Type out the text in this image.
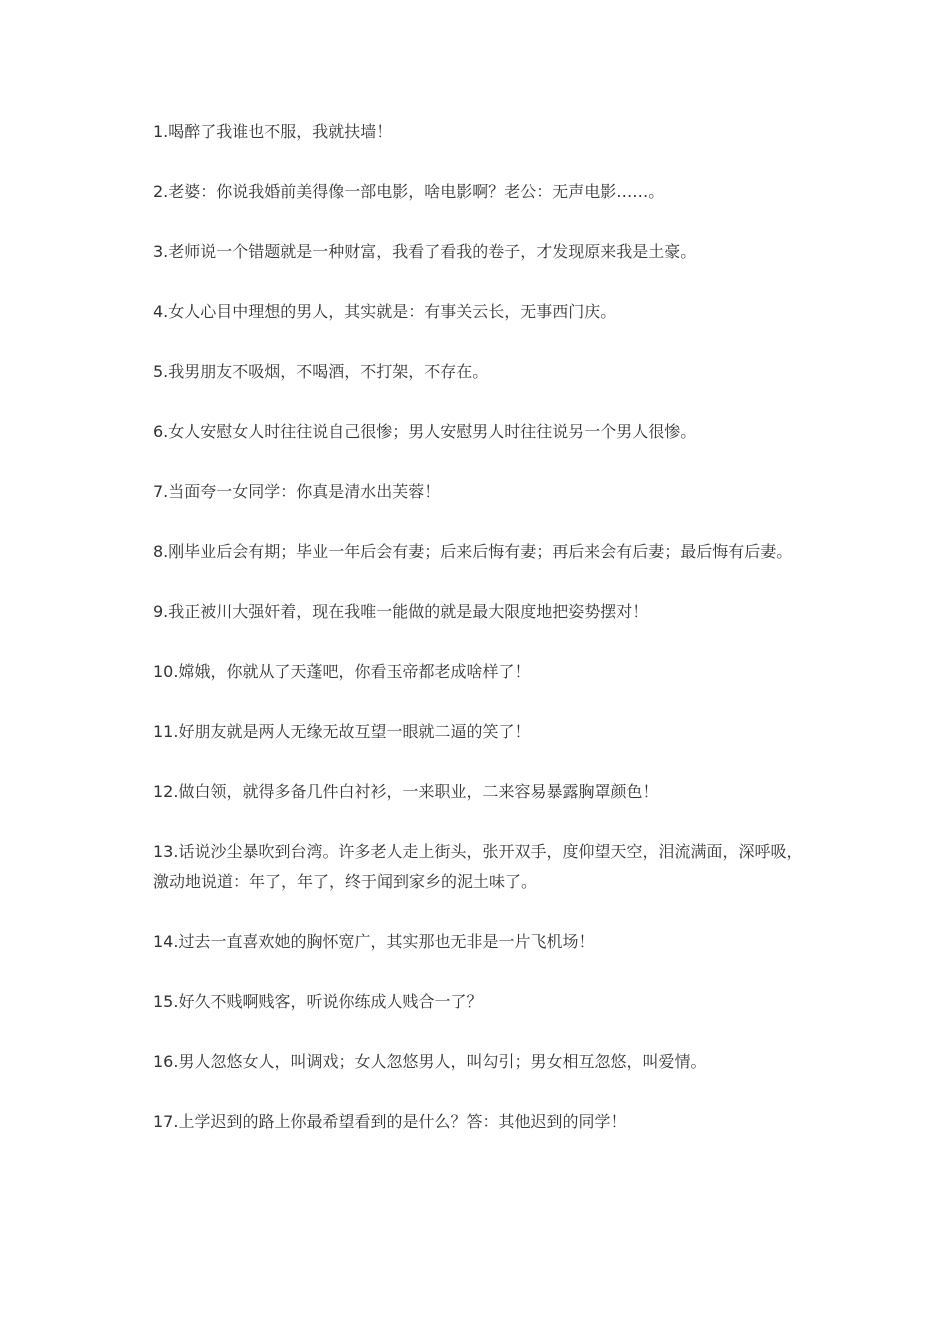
1.喝醉了我谁也不服，我就扶墙！

2.老婆：你说我婚前美得像一部电影，啥电影啊？老公：无声电影……。

3.老师说一个错题就是一种财富，我看了看我的卷子，才发现原来我是土豪。

4.女人心目中理想的男人，其实就是：有事关云长，无事西门庆。

5.我男朋友不吸烟，不喝酒，不打架，不存在。

6.女人安慰女人时往往说自己很惨；男人安慰男人时往往说另一个男人很惨。

7.当面夸一女同学：你真是清水出芙蓉！

8.刚毕业后会有期；毕业一年后会有妻；后来后悔有妻；再后来会有后妻；最后悔有后妻。

9.我正被川大强奸着，现在我唯一能做的就是最大限度地把姿势摆对！

10.嫦娥，你就从了天蓬吧，你看玉帝都老成啥样了！

11.好朋友就是两人无缘无故互望一眼就二逼的笑了！

12.做白领，就得多备几件白衬衫，一来职业，二来容易暴露胸罩颜色！

13.话说沙尘暴吹到台湾。许多老人走上街头，张开双手，度仰望天空，泪流满面，深呼吸，激动地说道：年了，年了，终于闻到家乡的泥土味了。

14.过去一直喜欢她的胸怀宽广，其实那也无非是一片飞机场！

15.好久不贱啊贱客，听说你练成人贱合一了？

16.男人忽悠女人，叫调戏；女人忽悠男人，叫勾引；男女相互忽悠，叫爱情。

17.上学迟到的路上你最希望看到的是什么？答：其他迟到的同学！
